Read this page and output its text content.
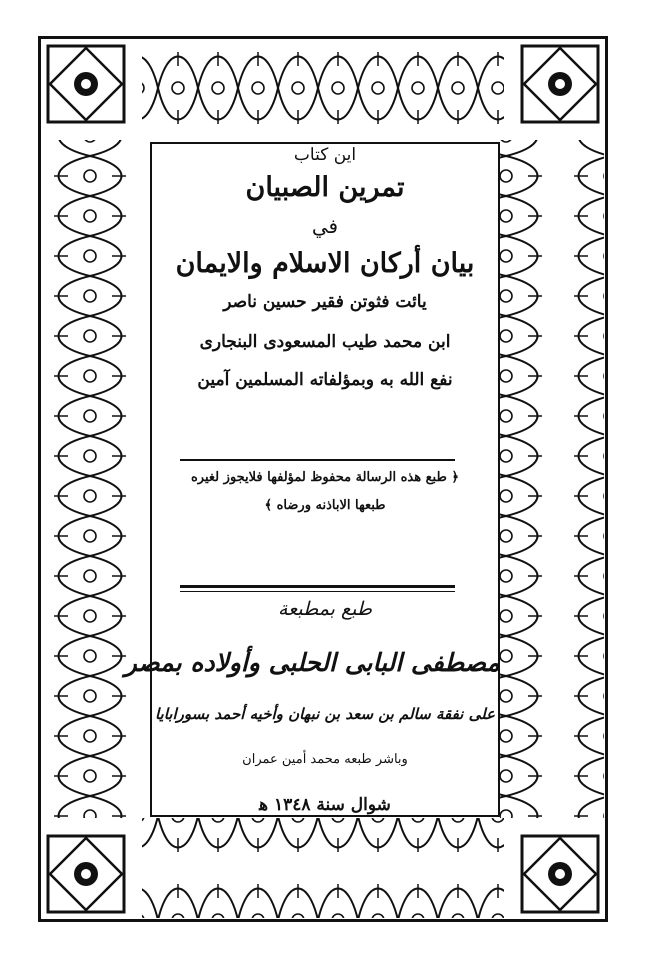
این کتاب
تمرين الصبيان
في
بيان أركان الاسلام والايمان
يائت فثوتن فقير حسين ناصر
ابن محمد طيب المسعودى البنجارى
نفع الله به وبمؤلفاته المسلمين آمين
﴿ طبع هذه الرسالة محفوظ لمؤلفها فلايجوز لغيره
طبعها الاباذنه ورضاه ﴾
طبع بمطبعة
مصطفى البابى الحلبى وأولاده بمصر
على نفقة سالم بن سعد بن نبهان وأخيه أحمد بسورابايا
وباشر طبعه محمد أمين عمران
شوال سنة ١٣٤٨ ﻫ
